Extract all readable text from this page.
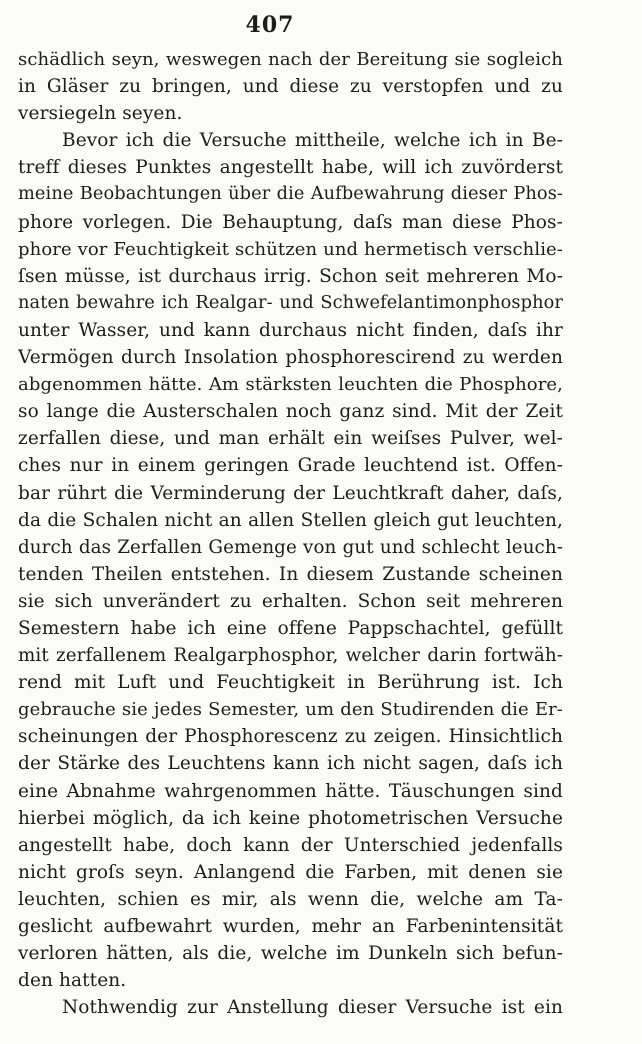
407
schädlich seyn, weswegen nach der Bereitung sie sogleich
in Gläser zu bringen, und diese zu verstopfen und zu
versiegeln seyen.
Bevor ich die Versuche mittheile, welche ich in Be-
treff dieses Punktes angestellt habe, will ich zuvörderst
meine Beobachtungen über die Aufbewahrung dieser Phos-
phore vorlegen. Die Behauptung, daſs man diese Phos-
phore vor Feuchtigkeit schützen und hermetisch verschlie-
ſsen müsse, ist durchaus irrig. Schon seit mehreren Mo-
naten bewahre ich Realgar- und Schwefelantimonphosphor
unter Wasser, und kann durchaus nicht finden, daſs ihr
Vermögen durch Insolation phosphorescirend zu werden
abgenommen hätte. Am stärksten leuchten die Phosphore,
so lange die Austerschalen noch ganz sind. Mit der Zeit
zerfallen diese, und man erhält ein weiſses Pulver, wel-
ches nur in einem geringen Grade leuchtend ist. Offen-
bar rührt die Verminderung der Leuchtkraft daher, daſs,
da die Schalen nicht an allen Stellen gleich gut leuchten,
durch das Zerfallen Gemenge von gut und schlecht leuch-
tenden Theilen entstehen. In diesem Zustande scheinen
sie sich unverändert zu erhalten. Schon seit mehreren
Semestern habe ich eine offene Pappschachtel, gefüllt
mit zerfallenem Realgarphosphor, welcher darin fortwäh-
rend mit Luft und Feuchtigkeit in Berührung ist. Ich
gebrauche sie jedes Semester, um den Studirenden die Er-
scheinungen der Phosphorescenz zu zeigen. Hinsichtlich
der Stärke des Leuchtens kann ich nicht sagen, daſs ich
eine Abnahme wahrgenommen hätte. Täuschungen sind
hierbei möglich, da ich keine photometrischen Versuche
angestellt habe, doch kann der Unterschied jedenfalls
nicht groſs seyn. Anlangend die Farben, mit denen sie
leuchten, schien es mir, als wenn die, welche am Ta-
geslicht aufbewahrt wurden, mehr an Farbenintensität
verloren hätten, als die, welche im Dunkeln sich befun-
den hatten.
Nothwendig zur Anstellung dieser Versuche ist ein
